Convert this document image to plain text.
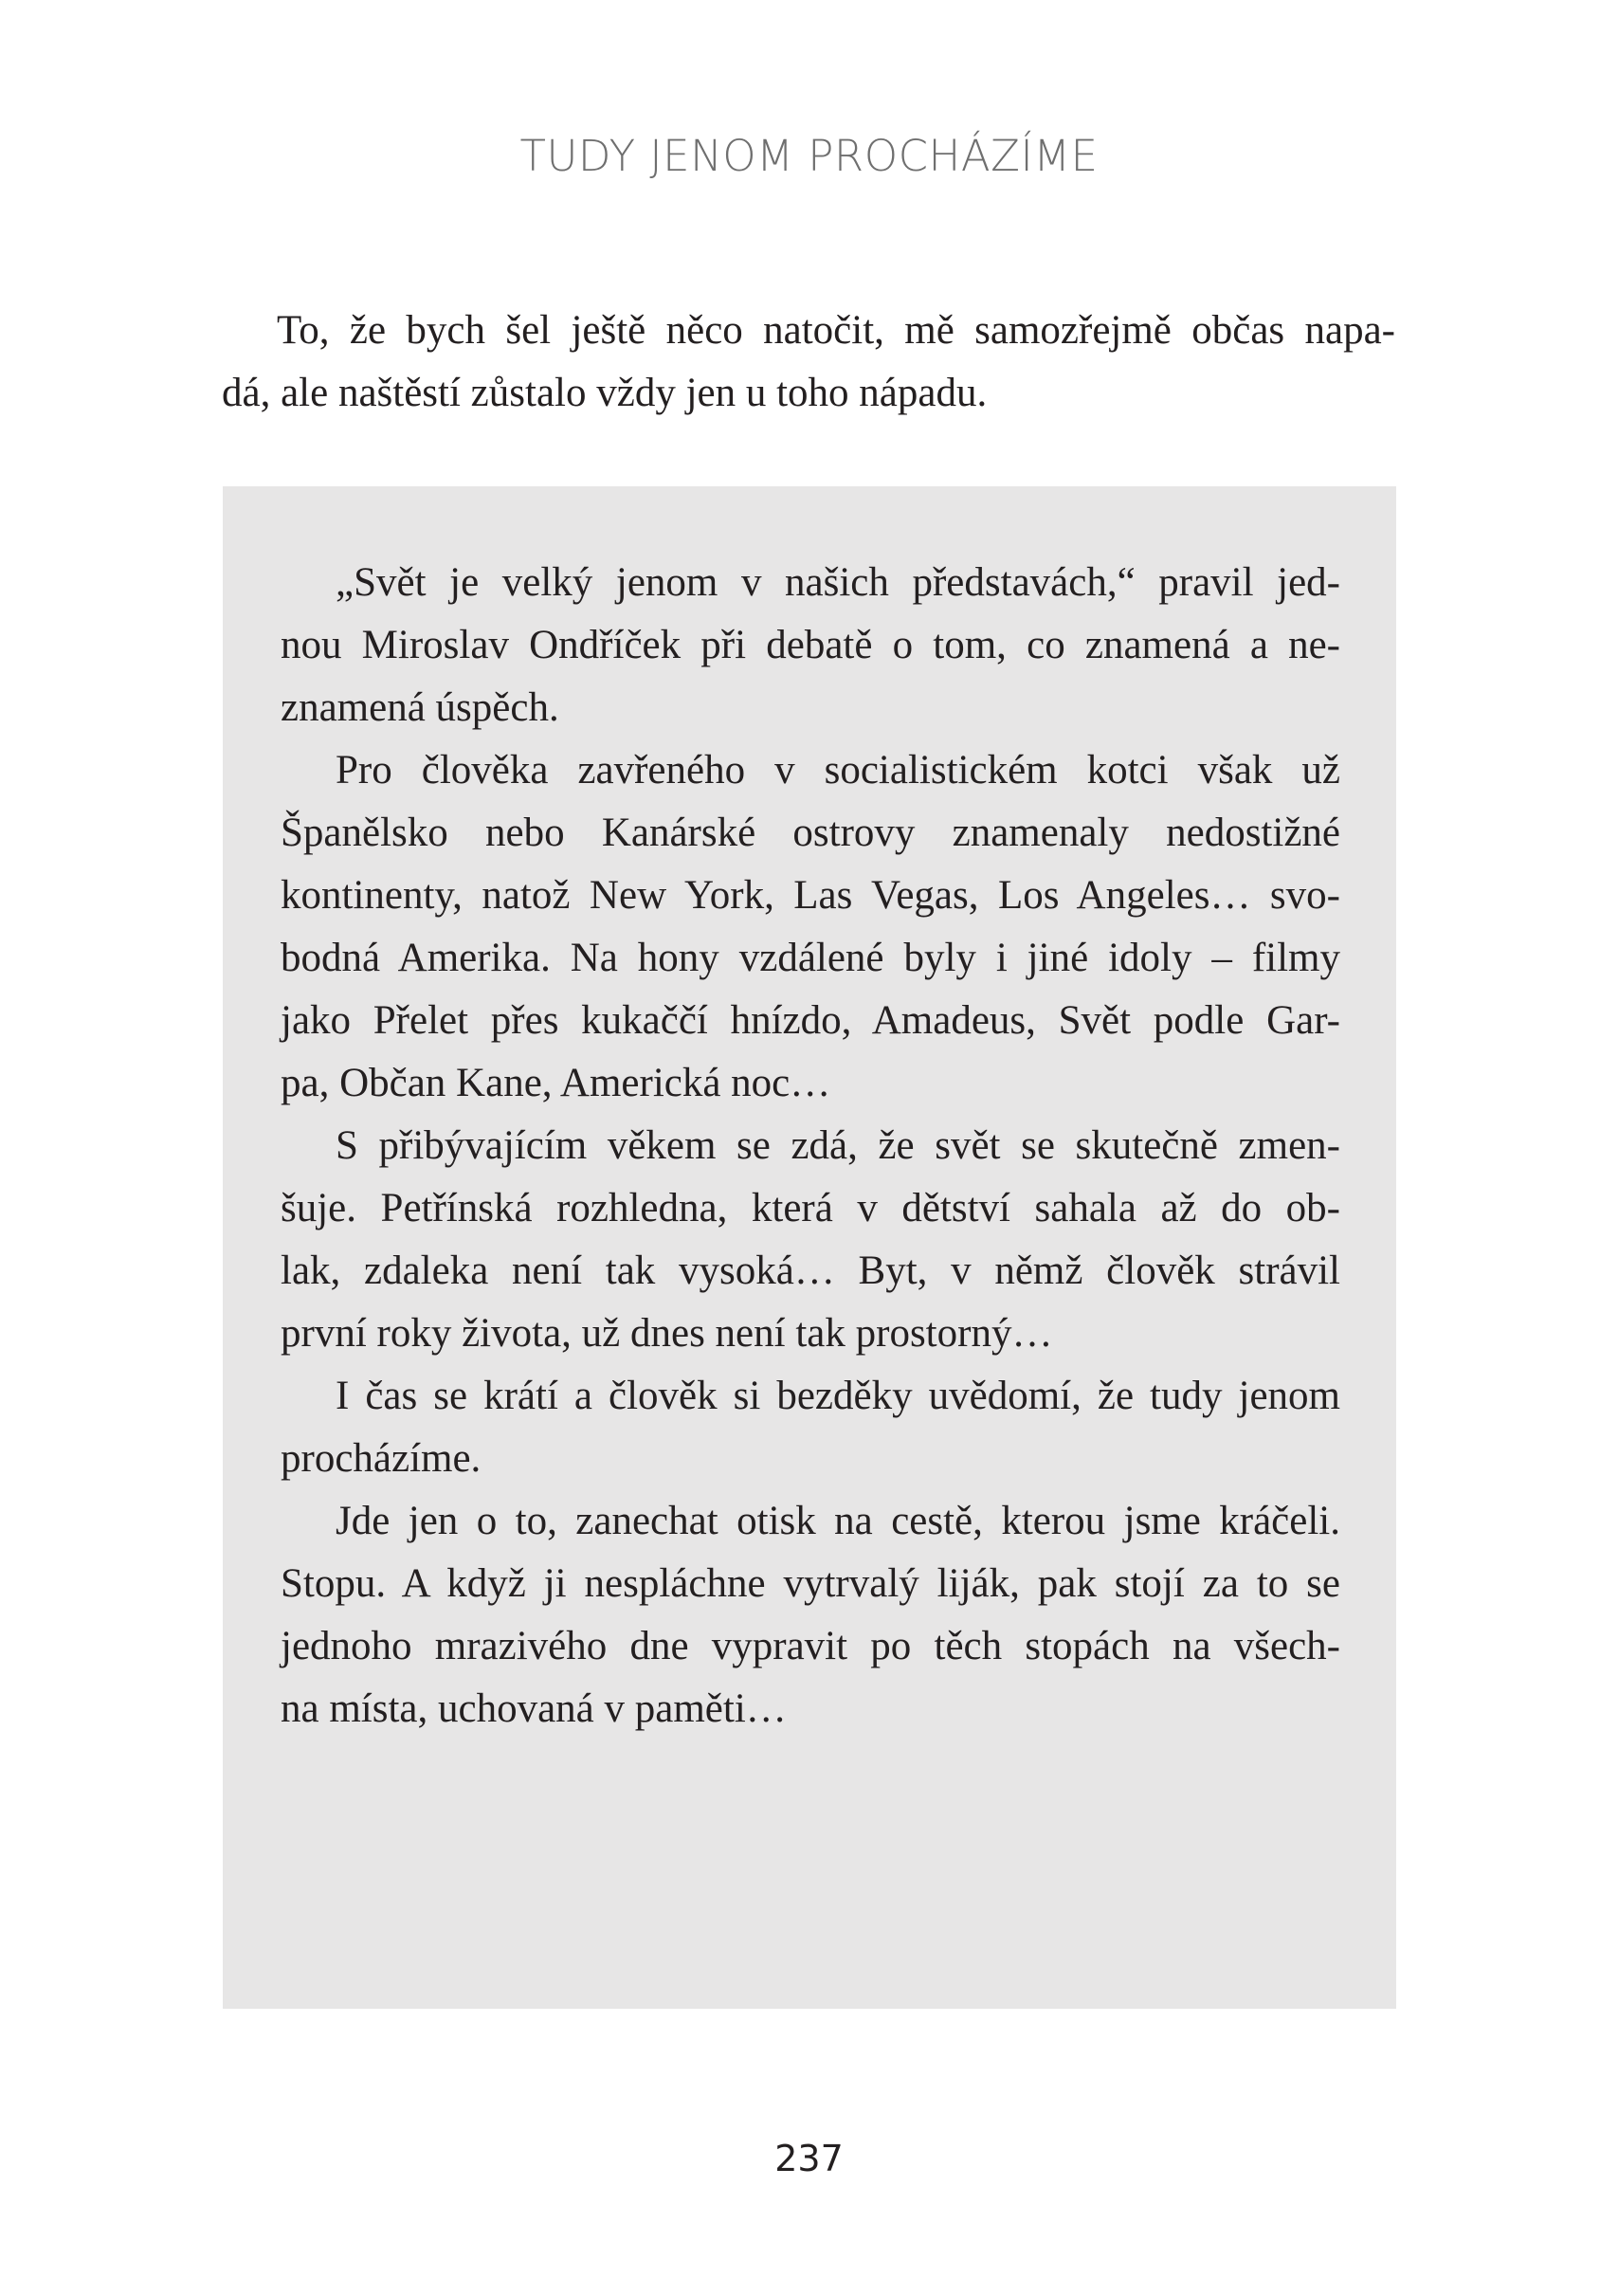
TUDY JENOM PROCHÁZÍME
To, že bych šel ještě něco natočit, mě samozřejmě občas napa-
dá, ale naštěstí zůstalo vždy jen u toho nápadu.
„Svět je velký jenom v našich představách,“ pravil jed-
nou Miroslav Ondříček při debatě o tom, co znamená a ne-
znamená úspěch.
Pro člověka zavřeného v socialistickém kotci však už
Španělsko nebo Kanárské ostrovy znamenaly nedostižné
kontinenty, natož New York, Las Vegas, Los Angeles… svo-
bodná Amerika. Na hony vzdálené byly i jiné idoly – filmy
jako Přelet přes kukaččí hnízdo, Amadeus, Svět podle Gar-
pa, Občan Kane, Americká noc…
S přibývajícím věkem se zdá, že svět se skutečně zmen-
šuje. Petřínská rozhledna, která v dětství sahala až do ob-
lak, zdaleka není tak vysoká… Byt, v němž člověk strávil
první roky života, už dnes není tak prostorný…
I čas se krátí a člověk si bezděky uvědomí, že tudy jenom
procházíme.
Jde jen o to, zanechat otisk na cestě, kterou jsme kráčeli.
Stopu. A když ji nespláchne vytrvalý liják, pak stojí za to se
jednoho mrazivého dne vypravit po těch stopách na všech-
na místa, uchovaná v paměti…
237
